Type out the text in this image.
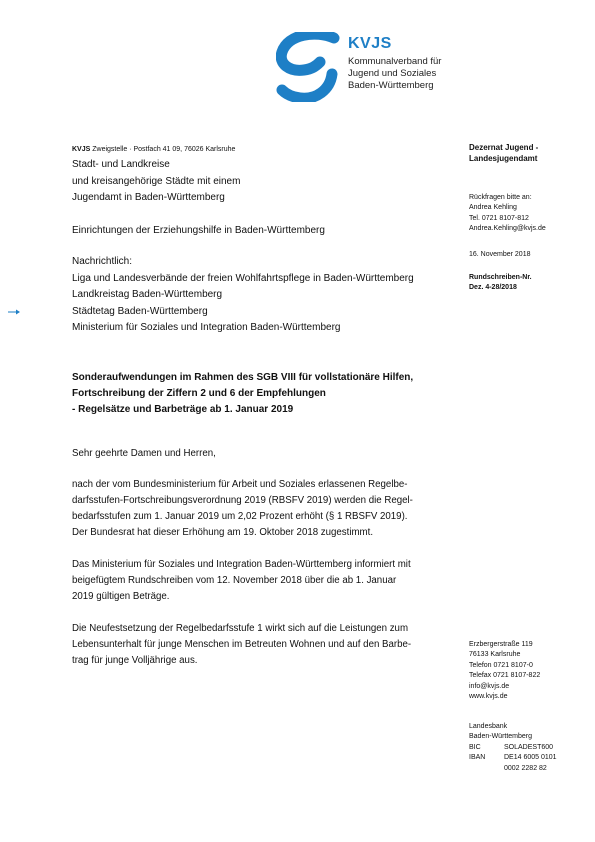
KVJS
Kommunalverband für
Jugend und Soziales
Baden-Württemberg
KVJS Zweigstelle · Postfach 41 09, 76026 Karlsruhe
Stadt- und Landkreise
und kreisangehörige Städte mit einem
Jugendamt in Baden-Württemberg
Einrichtungen der Erziehungshilfe in Baden-Württemberg
Nachrichtlich:
Liga und Landesverbände der freien Wohlfahrtspflege in Baden-Württemberg
Landkreistag Baden-Württemberg
Städtetag Baden-Württemberg
Ministerium für Soziales und Integration Baden-Württemberg
Sonderaufwendungen im Rahmen des SGB VIII für vollstationäre Hilfen,
Fortschreibung der Ziffern 2 und 6 der Empfehlungen
- Regelsätze und Barbeträge ab 1. Januar 2019
Sehr geehrte Damen und Herren,
nach der vom Bundesministerium für Arbeit und Soziales erlassenen Regelbe-
darfsstufen-Fortschreibungsverordnung 2019 (RBSFV 2019) werden die Regel-
bedarfsstufen zum 1. Januar 2019 um 2,02 Prozent erhöht (§ 1 RBSFV 2019).
Der Bundesrat hat dieser Erhöhung am 19. Oktober 2018 zugestimmt.
Das Ministerium für Soziales und Integration Baden-Württemberg informiert mit
beigefügtem Rundschreiben vom 12. November 2018 über die ab 1. Januar
2019 gültigen Beträge.
Die Neufestsetzung der Regelbedarfsstufe 1 wirkt sich auf die Leistungen zum
Lebensunterhalt für junge Menschen im Betreuten Wohnen und auf den Barbe-
trag für junge Volljährige aus.
Dezernat Jugend -
Landesjugendamt
Rückfragen bitte an:
Andrea Kehling
Tel. 0721 8107-812
Andrea.Kehling@kvjs.de
16. November 2018
Rundschreiben-Nr.
Dez. 4-28/2018
Erzbergerstraße 119
76133 Karlsruhe
Telefon 0721 8107-0
Telefax 0721 8107-822
info@kvjs.de
www.kvjs.de
Landesbank
Baden-Württemberg
BIC	SOLADEST600
IBAN	DE14 6005 0101
0002 2282 82
